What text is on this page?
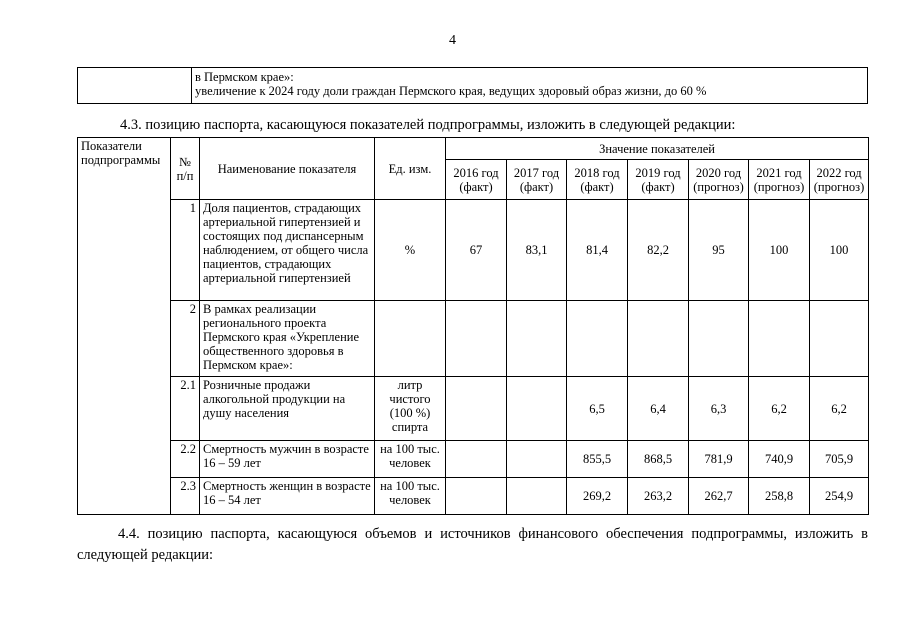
4

в Пермском крае»:
увеличение к 2024 году доли граждан Пермского края, ведущих здоровый образ жизни, до 60 %
4.3. позицию паспорта, касающуюся показателей подпрограммы, изложить в следующей редакции:
Показатели подпрограммы	№ п/п	Наименование показателя	Ед. изм.	Значение показателей						
				2016 год (факт)	2017 год (факт)	2018 год (факт)	2019 год (факт)	2020 год (прогноз)	2021 год (прогноз)	2022 год (прогноз)
	1	Доля пациентов, страдающих артериальной гипертензией и состоящих под диспансерным наблюдением, от общего числа пациентов, страдающих артериальной гипертензией	%	67	83,1	81,4	82,2	95	100	100
	2	В рамках реализации регионального проекта Пермского края «Укрепление общественного здоровья в Пермском крае»:								
	2.1	Розничные продажи алкогольной продукции на душу населения	литр чистого (100 %) спирта			6,5	6,4	6,3	6,2	6,2
	2.2	Смертность мужчин в возрасте 16 – 59 лет	на 100 тыс. человек			855,5	868,5	781,9	740,9	705,9
	2.3	Смертность женщин в возрасте 16 – 54 лет	на 100 тыс. человек			269,2	263,2	262,7	258,8	254,9
4.4. позицию паспорта, касающуюся объемов и источников финансового обеспечения подпрограммы, изложить в следующей редакции:
